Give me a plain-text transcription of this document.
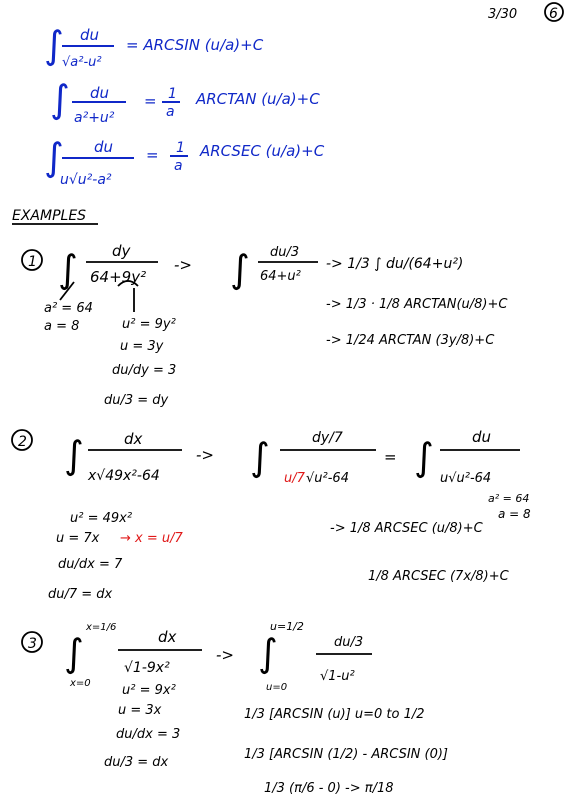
3/30 6
∫ du
√a²-u²
= ARCSIN (u/a)+C
∫ du
a²+u²
= 1
a
ARCTAN (u/a)+C
∫ du
u√u²-a²
= 1
a
ARCSEC (u/a)+C
EXAMPLES
1 ∫ dy
64+9y²
-> ∫ du/3
64+u²
-> 1/3 ∫ du/(64+u²)
-> 1/3 · 1/8 ARCTAN(u/8)+C
-> 1/24 ARCTAN (3y/8)+C
a² = 64
a = 8	u² = 9y²
u = 3y
du/dy = 3
du/3 = dy
2 ∫	dx
x√49x²-64
-> ∫	dy/7
u/7 √u²-64
= ∫	du
u√u²-64
a² = 64
a = 8
-> 1/8 ARCSEC (u/8)+C
1/8 ARCSEC (7x/8)+C
u² = 49x²
u = 7x → x = u/7
du/dx = 7
du/7 = dx
3 ∫
x=1/6
x=0
dx
√1-9x²
-> ∫
u=1/2
u=0
du/3
√1-u²
1/3 [ARCSIN (u)] u=0 to 1/2
1/3 [ARCSIN (1/2) - ARCSIN (0)]
1/3 (π/6 - 0) -> π/18
u² = 9x²
u = 3x
du/dx = 3
du/3 = dx
